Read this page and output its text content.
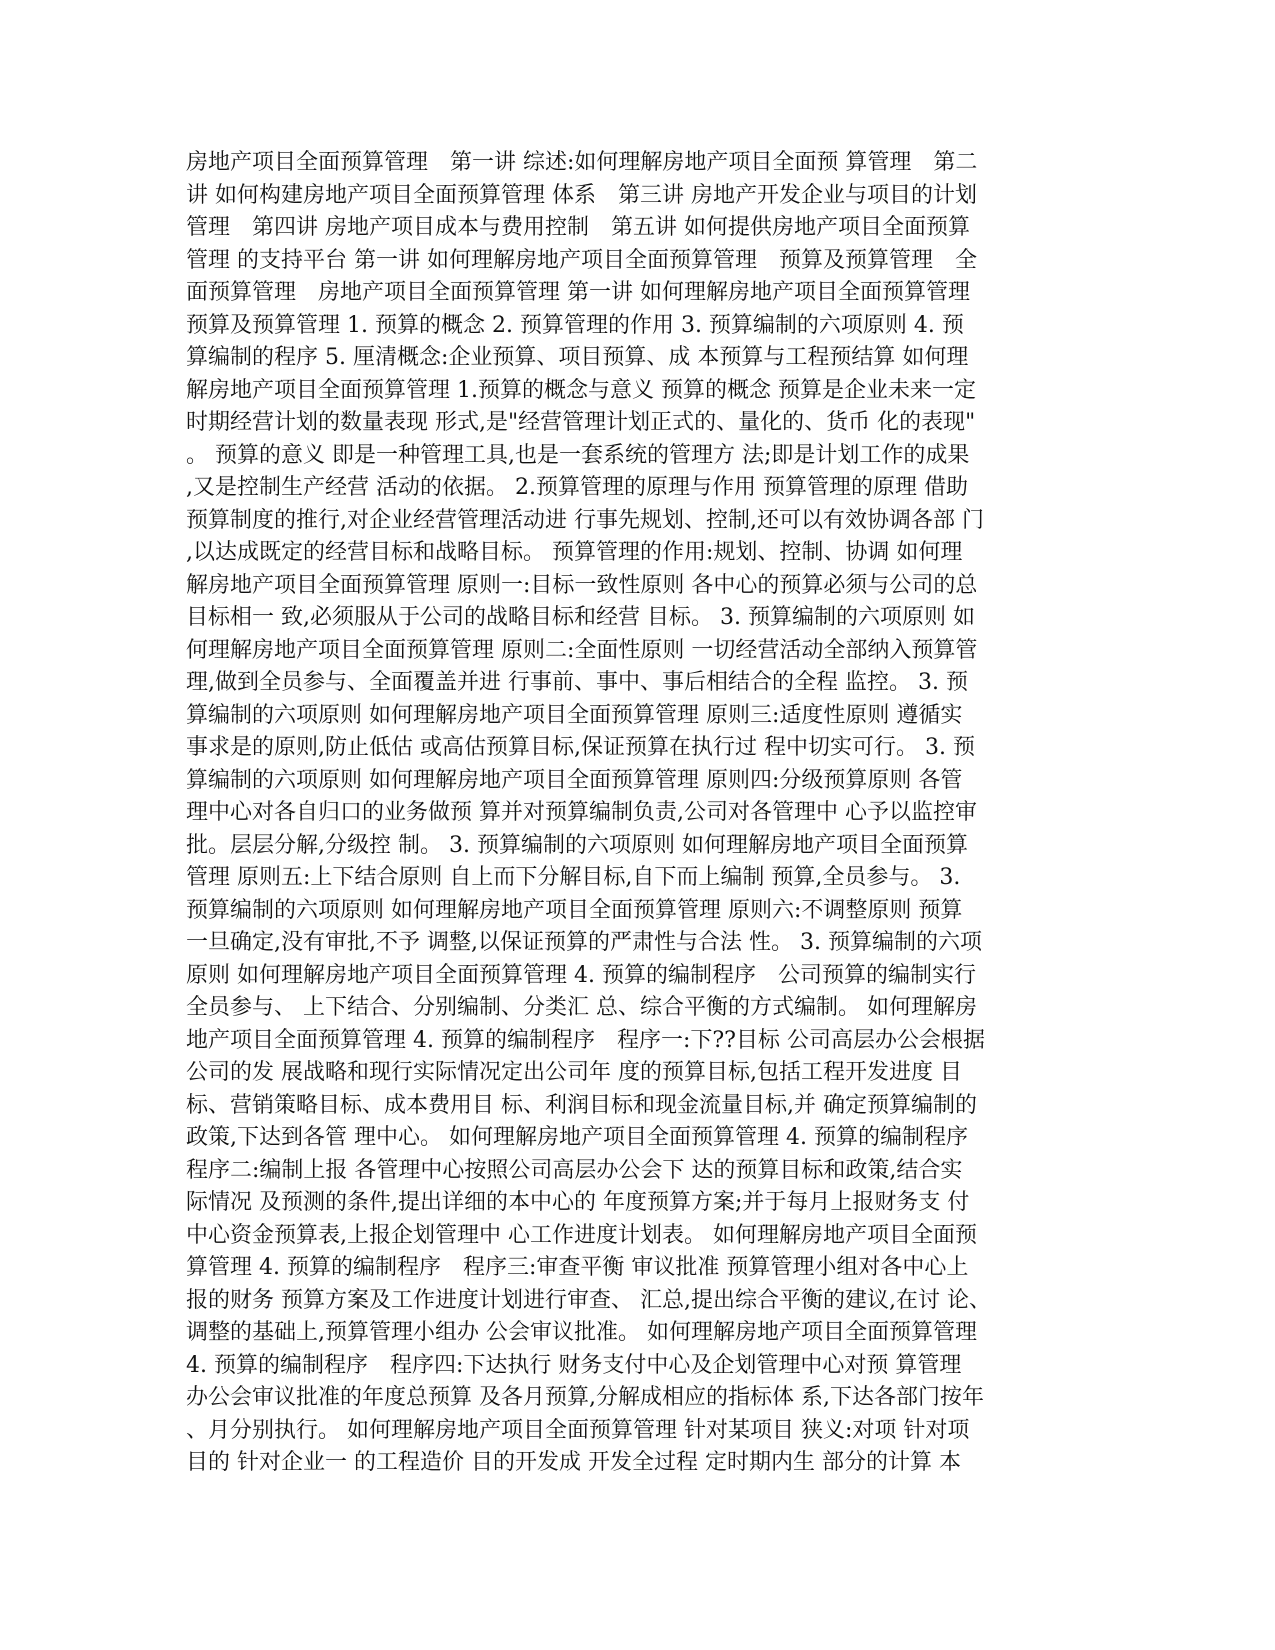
房地产项目全面预算管理　第一讲 综述:如何理解房地产项目全面预 算管理　第二
讲 如何构建房地产项目全面预算管理 体系　第三讲 房地产开发企业与项目的计划
管理　第四讲 房地产项目成本与费用控制　第五讲 如何提供房地产项目全面预算
管理 的支持平台 第一讲 如何理解房地产项目全面预算管理　预算及预算管理　全
面预算管理　房地产项目全面预算管理 第一讲 如何理解房地产项目全面预算管理
预算及预算管理 1. 预算的概念 2. 预算管理的作用 3. 预算编制的六项原则 4. 预
算编制的程序 5. 厘清概念:企业预算、项目预算、成 本预算与工程预结算 如何理
解房地产项目全面预算管理 1.预算的概念与意义 预算的概念 预算是企业未来一定
时期经营计划的数量表现 形式,是"经营管理计划正式的、量化的、货币 化的表现"
。 预算的意义 即是一种管理工具,也是一套系统的管理方 法;即是计划工作的成果
,又是控制生产经营 活动的依据。 2.预算管理的原理与作用 预算管理的原理 借助
预算制度的推行,对企业经营管理活动进 行事先规划、控制,还可以有效协调各部 门
,以达成既定的经营目标和战略目标。 预算管理的作用:规划、控制、协调 如何理
解房地产项目全面预算管理 原则一:目标一致性原则 各中心的预算必须与公司的总
目标相一 致,必须服从于公司的战略目标和经营 目标。 3. 预算编制的六项原则 如
何理解房地产项目全面预算管理 原则二:全面性原则 一切经营活动全部纳入预算管
理,做到全员参与、全面覆盖并进 行事前、事中、事后相结合的全程 监控。 3. 预
算编制的六项原则 如何理解房地产项目全面预算管理 原则三:适度性原则 遵循实
事求是的原则,防止低估 或高估预算目标,保证预算在执行过 程中切实可行。 3. 预
算编制的六项原则 如何理解房地产项目全面预算管理 原则四:分级预算原则 各管
理中心对各自归口的业务做预 算并对预算编制负责,公司对各管理中 心予以监控审
批。层层分解,分级控 制。 3. 预算编制的六项原则 如何理解房地产项目全面预算
管理 原则五:上下结合原则 自上而下分解目标,自下而上编制 预算,全员参与。 3.
预算编制的六项原则 如何理解房地产项目全面预算管理 原则六:不调整原则 预算
一旦确定,没有审批,不予 调整,以保证预算的严肃性与合法 性。 3. 预算编制的六项
原则 如何理解房地产项目全面预算管理 4. 预算的编制程序　公司预算的编制实行
全员参与、 上下结合、分别编制、分类汇 总、综合平衡的方式编制。 如何理解房
地产项目全面预算管理 4. 预算的编制程序　程序一:下??目标 公司高层办公会根据
公司的发 展战略和现行实际情况定出公司年 度的预算目标,包括工程开发进度 目
标、营销策略目标、成本费用目 标、利润目标和现金流量目标,并 确定预算编制的
政策,下达到各管 理中心。 如何理解房地产项目全面预算管理 4. 预算的编制程序
程序二:编制上报 各管理中心按照公司高层办公会下 达的预算目标和政策,结合实
际情况 及预测的条件,提出详细的本中心的 年度预算方案;并于每月上报财务支 付
中心资金预算表,上报企划管理中 心工作进度计划表。 如何理解房地产项目全面预
算管理 4. 预算的编制程序　程序三:审查平衡 审议批准 预算管理小组对各中心上
报的财务 预算方案及工作进度计划进行审查、 汇总,提出综合平衡的建议,在讨 论、
调整的基础上,预算管理小组办 公会审议批准。 如何理解房地产项目全面预算管理
4. 预算的编制程序　程序四:下达执行 财务支付中心及企划管理中心对预 算管理
办公会审议批准的年度总预算 及各月预算,分解成相应的指标体 系,下达各部门按年
、月分别执行。 如何理解房地产项目全面预算管理 针对某项目 狭义:对项 针对项
目的 针对企业一 的工程造价 目的开发成 开发全过程 定时期内生 部分的计算 本
